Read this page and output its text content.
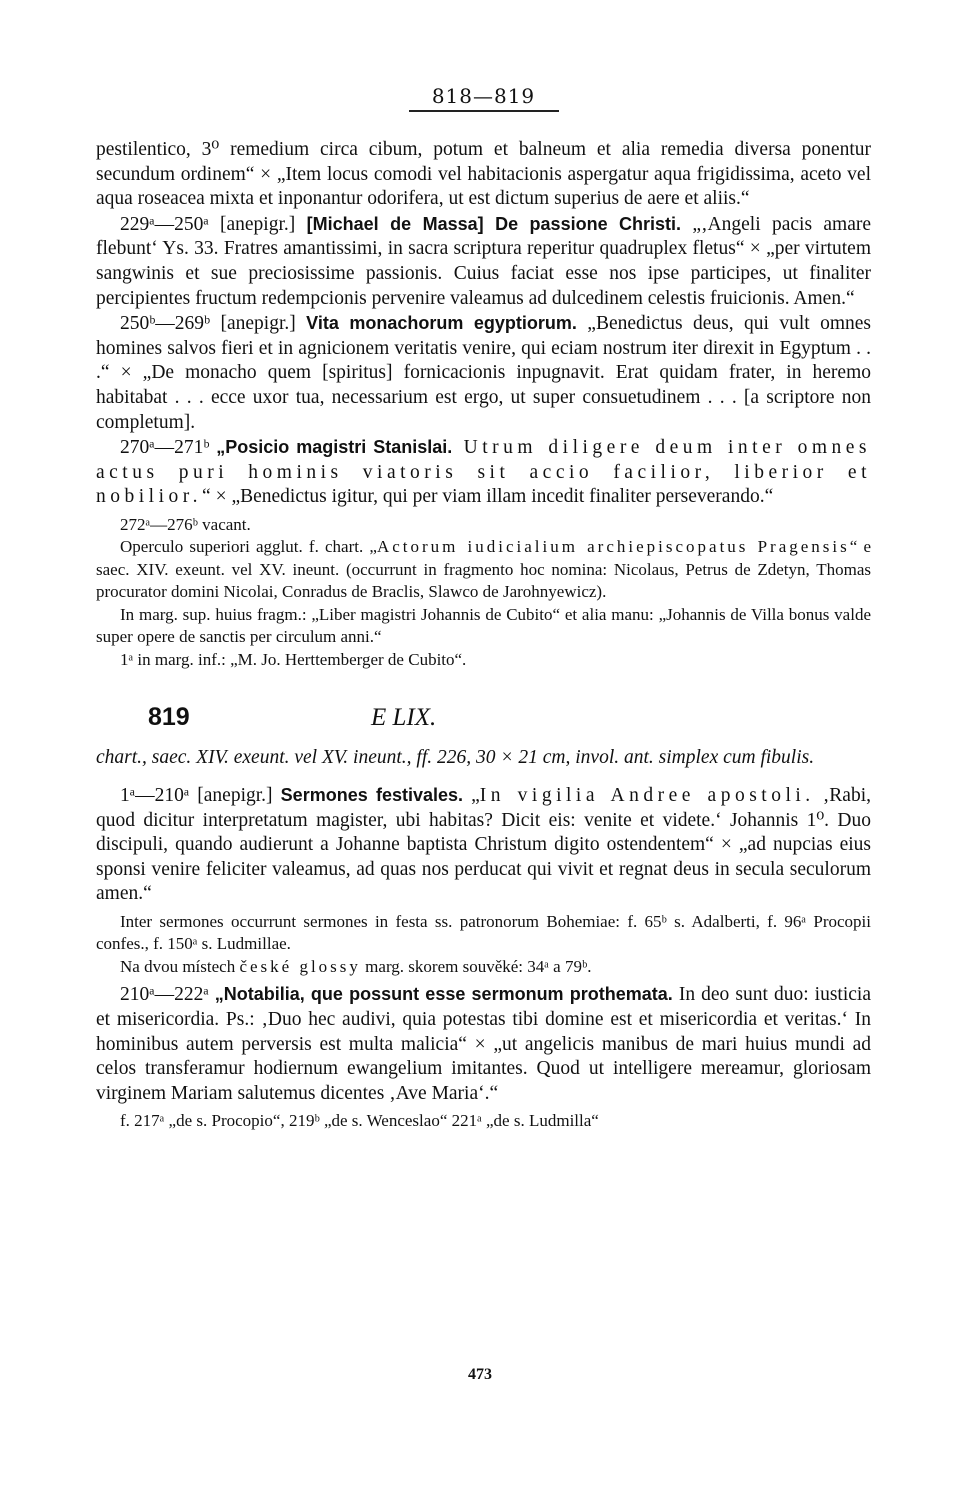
818—819

pestilentico, 3⁰ remedium circa cibum, potum et balneum et alia remedia diversa ponentur secundum ordinem“ × „Item locus comodi vel habitacionis aspergatur aqua frigidissima, aceto vel aqua roseacea mixta et inponantur odorifera, ut est dictum superius de aere et aliis.“

229ᵃ—250ᵃ [anepigr.] [Michael de Massa] De passione Christi. „‚Angeli pacis amare flebunt‘ Ys. 33. Fratres amantissimi, in sacra scriptura reperitur quadruplex fletus“ × „per virtutem sangwinis et sue preciosissime passionis. Cuius faciat esse nos ipse participes, ut finaliter percipientes fructum redempcionis pervenire valeamus ad dulcedinem celestis fruicionis. Amen.“

250ᵇ—269ᵇ [anepigr.] Vita monachorum egyptiorum. „Benedictus deus, qui vult omnes homines salvos fieri et in agnicionem veritatis venire, qui eciam nostrum iter direxit in Egyptum . . .“ × „De monacho quem [spiritus] fornicacionis inpugnavit. Erat quidam frater, in heremo habitabat . . . ecce uxor tua, necessarium est ergo, ut super consuetudinem . . . [a scriptore non completum].

270ᵃ—271ᵇ „Posicio magistri Stanislai. Utrum diligere deum inter omnes actus puri hominis viatoris sit accio facilior, liberior et nobilior.“ × „Benedictus igitur, qui per viam illam incedit finaliter perseverando.“

272ᵃ—276ᵇ vacant.

Operculo superiori agglut. f. chart. „Actorum iudicialium archiepiscopatus Pragensis“ e saec. XIV. exeunt. vel XV. ineunt. (occurrunt in fragmento hoc nomina: Nicolaus, Petrus de Zdetyn, Thomas procurator domini Nicolai, Conradus de Braclis, Slawco de Jarohnyewicz).

In marg. sup. huius fragm.: „Liber magistri Johannis de Cubito“ et alia manu: „Johannis de Villa bonus valde super opere de sanctis per circulum anni.“

1ᵃ in marg. inf.: „M. Jo. Herttemberger de Cubito“.

819	E LIX.

chart., saec. XIV. exeunt. vel XV. ineunt., ff. 226, 30 × 21 cm, invol. ant. simplex cum fibulis.

1ᵃ—210ᵃ [anepigr.] Sermones festivales. „In vigilia Andree apostoli. ‚Rabi, quod dicitur interpretatum magister, ubi habitas? Dicit eis: venite et videte.‘ Johannis 1⁰. Duo discipuli, quando audierunt a Johanne baptista Christum digito ostendentem“ × „ad nupcias eius sponsi venire feliciter valeamus, ad quas nos perducat qui vivit et regnat deus in secula seculorum amen.“

Inter sermones occurrunt sermones in festa ss. patronorum Bohemiae: f. 65ᵇ s. Adalberti, f. 96ᵃ Procopii confes., f. 150ᵃ s. Ludmillae.

Na dvou místech české glossy marg. skorem souvěké: 34ᵃ a 79ᵇ.

210ᵃ—222ᵃ „Notabilia, que possunt esse sermonum prothemata. In deo sunt duo: iusticia et misericordia. Ps.: ‚Duo hec audivi, quia potestas tibi domine est et misericordia et veritas.‘ In hominibus autem perversis est multa malicia“ × „ut angelicis manibus de mari huius mundi ad celos transferamur hodiernum ewangelium imitantes. Quod ut intelligere mereamur, gloriosam virginem Mariam salutemus dicentes ‚Ave Maria‘.“

f. 217ᵃ „de s. Procopio“, 219ᵇ „de s. Wenceslao“ 221ᵃ „de s. Ludmilla“

473
